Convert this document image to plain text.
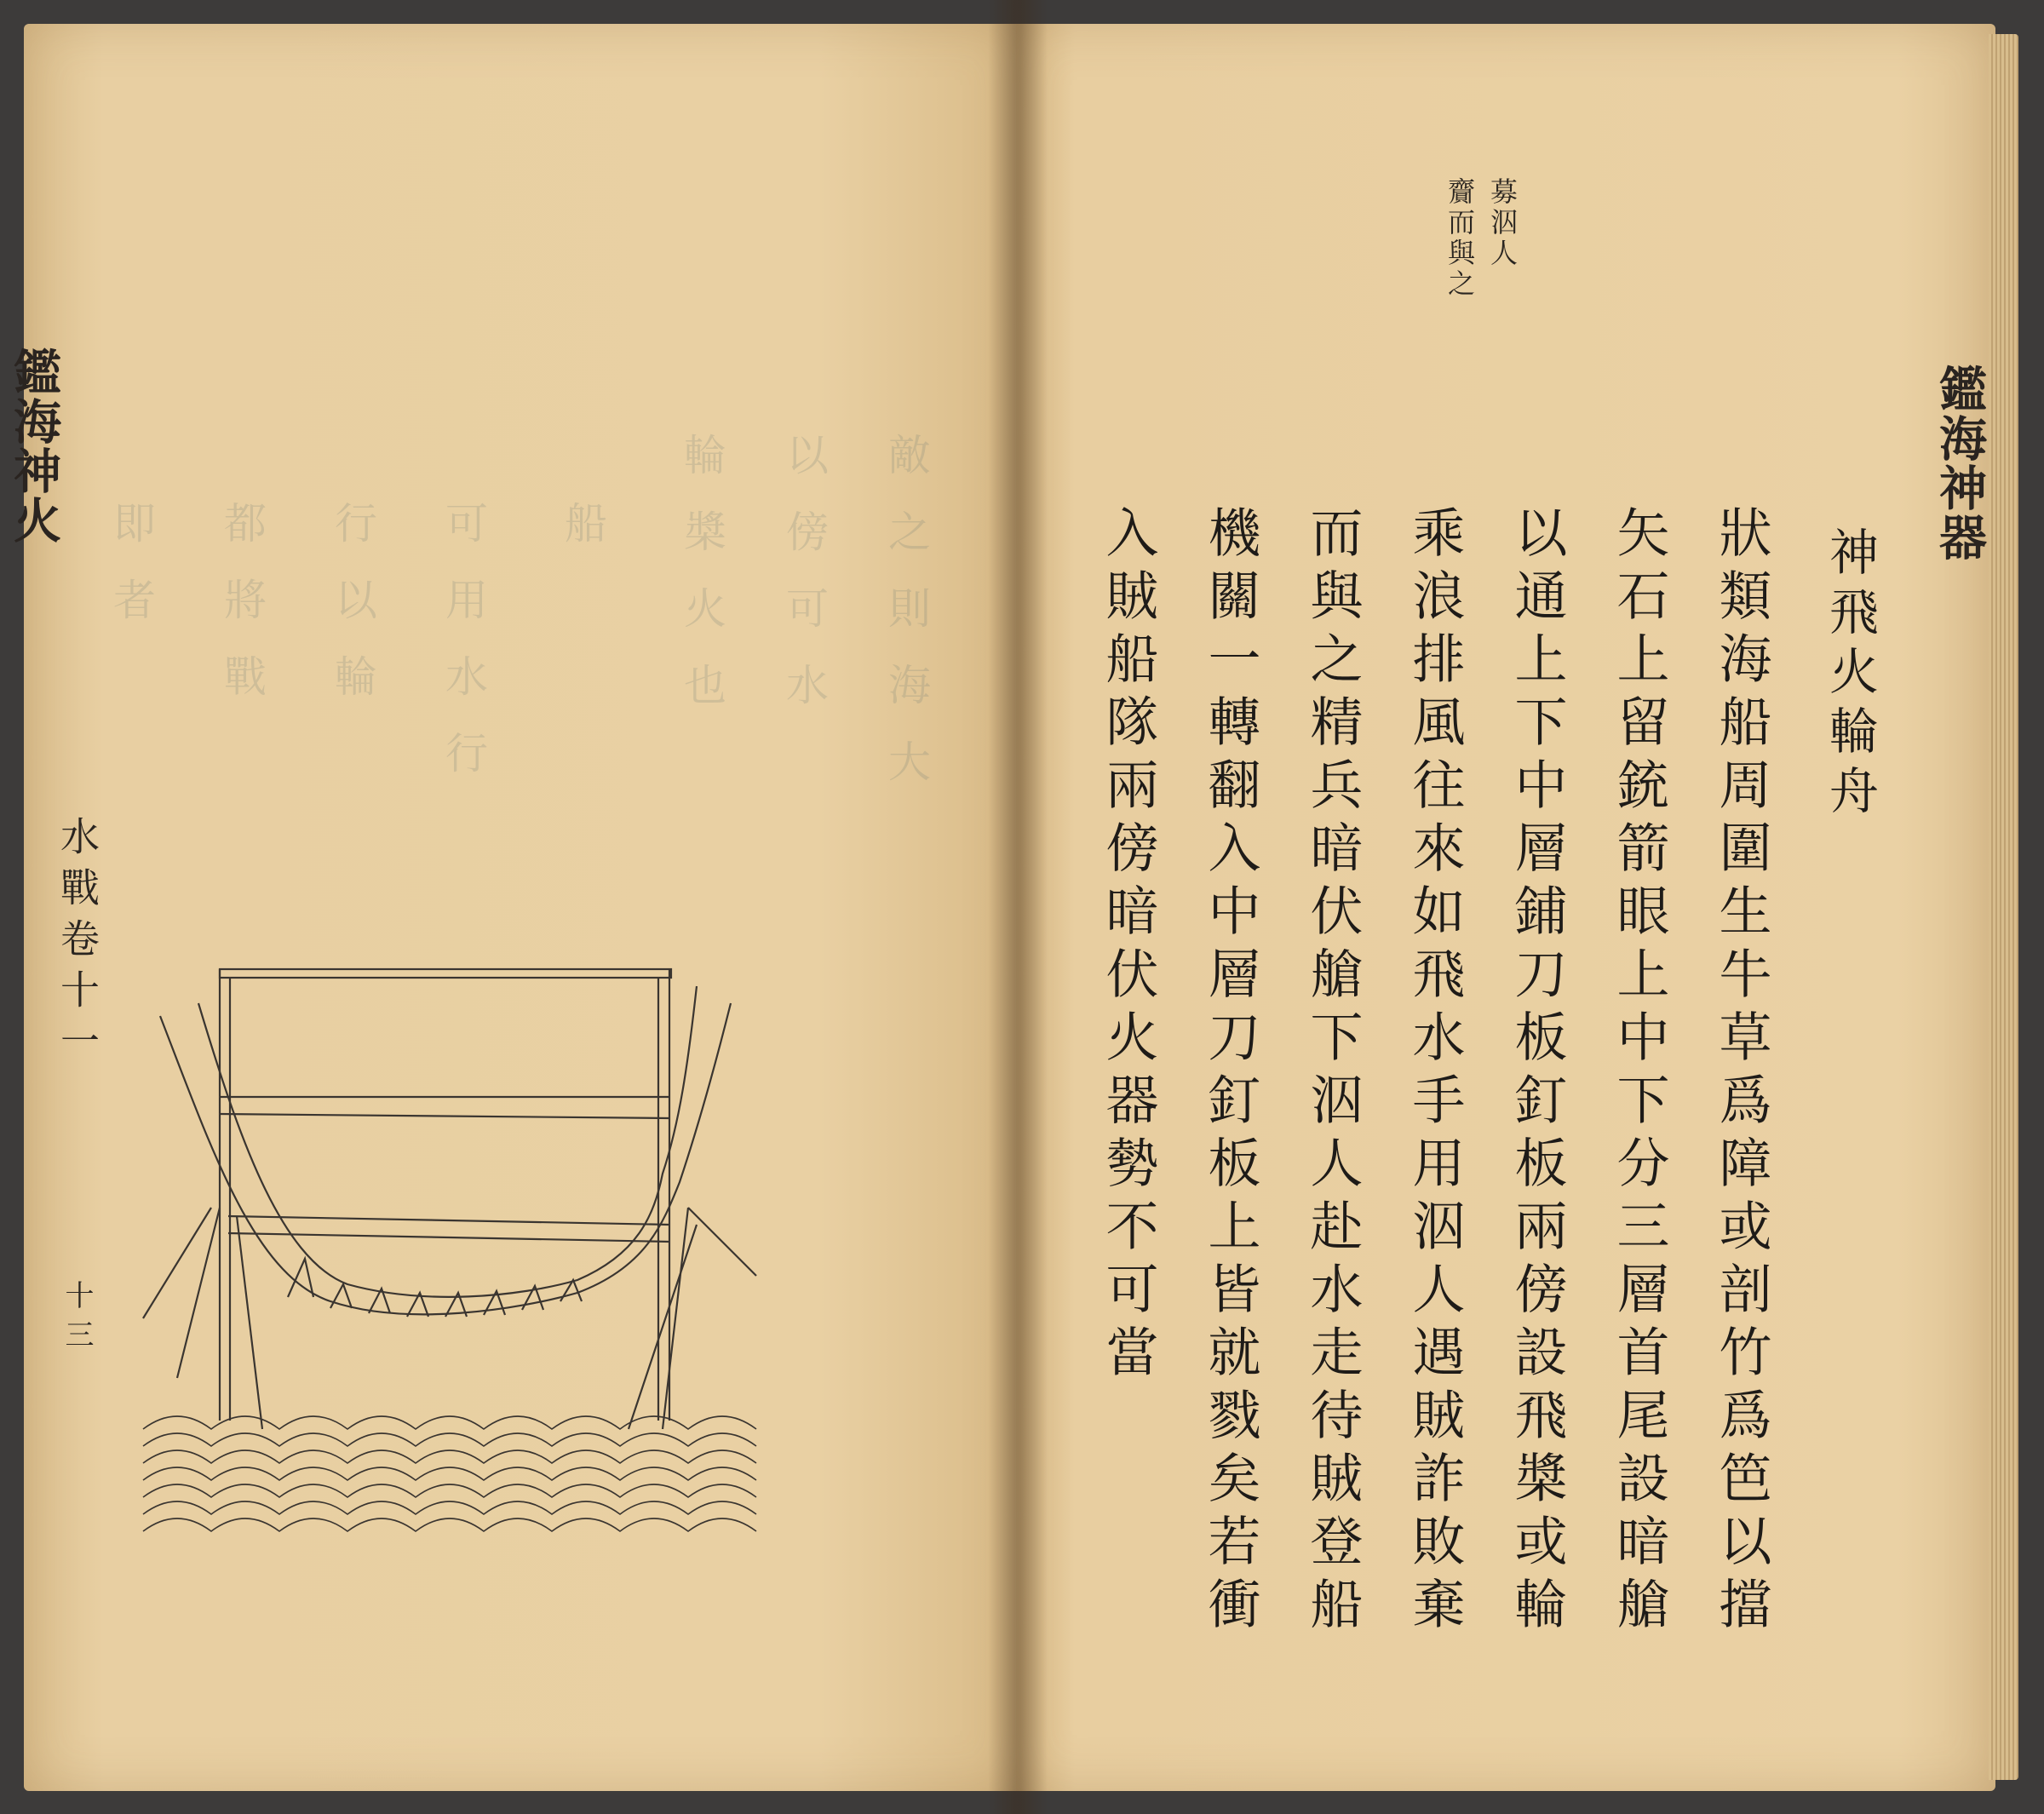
敵之則海大
以傍可水
輪槳火也
船
可用水行
行以輪
都將戰
即者
鑑海神火
水戰卷十一
十三
募泅人
齎而與之
神飛火輪舟
狀類海船周圍生牛草爲障或剖竹爲笆以擋
矢石上留銃箭眼上中下分三層首尾設暗艙
以通上下中層鋪刀板釘板兩傍設飛槳或輪
乘浪排風往來如飛水手用泅人遇賊詐敗棄
而與之精兵暗伏艙下泅人赴水走待賊登船
機關一轉翻入中層刀釘板上皆就戮矣若衝
入賊船隊兩傍暗伏火器勢不可當
鑑海神器
